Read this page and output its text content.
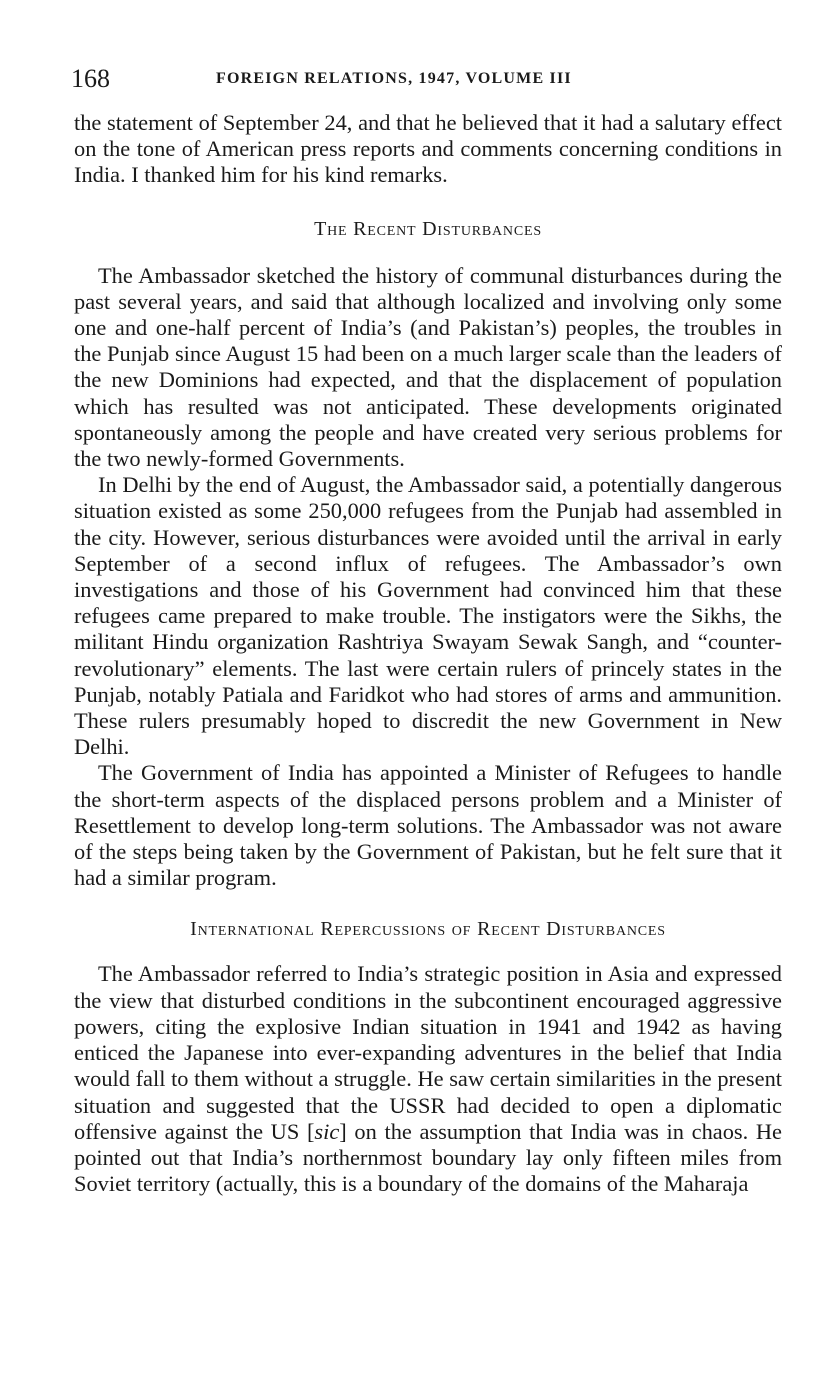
168	FOREIGN RELATIONS, 1947, VOLUME III

the statement of September 24, and that he believed that it had a salutary effect on the tone of American press reports and comments concerning conditions in India. I thanked him for his kind remarks.

The Recent Disturbances

The Ambassador sketched the history of communal disturbances during the past several years, and said that although localized and involving only some one and one-half percent of India’s (and Pakistan’s) peoples, the troubles in the Punjab since August 15 had been on a much larger scale than the leaders of the new Dominions had expected, and that the displacement of population which has resulted was not anticipated. These developments originated spontaneously among the people and have created very serious problems for the two newly-formed Governments.

In Delhi by the end of August, the Ambassador said, a potentially dangerous situation existed as some 250,000 refugees from the Punjab had assembled in the city. However, serious disturbances were avoided until the arrival in early September of a second influx of refugees. The Ambassador’s own investigations and those of his Government had convinced him that these refugees came prepared to make trouble. The instigators were the Sikhs, the militant Hindu organization Rashtriya Swayam Sewak Sangh, and “counter-revolutionary” elements. The last were certain rulers of princely states in the Punjab, notably Patiala and Faridkot who had stores of arms and ammunition. These rulers presumably hoped to discredit the new Government in New Delhi.

The Government of India has appointed a Minister of Refugees to handle the short-term aspects of the displaced persons problem and a Minister of Resettlement to develop long-term solutions. The Ambassador was not aware of the steps being taken by the Government of Pakistan, but he felt sure that it had a similar program.

International Repercussions of Recent Disturbances

The Ambassador referred to India’s strategic position in Asia and expressed the view that disturbed conditions in the subcontinent encouraged aggressive powers, citing the explosive Indian situation in 1941 and 1942 as having enticed the Japanese into ever-expanding adventures in the belief that India would fall to them without a struggle. He saw certain similarities in the present situation and suggested that the USSR had decided to open a diplomatic offensive against the US [sic] on the assumption that India was in chaos. He pointed out that India’s northernmost boundary lay only fifteen miles from Soviet territory (actually, this is a boundary of the domains of the Maharaja
